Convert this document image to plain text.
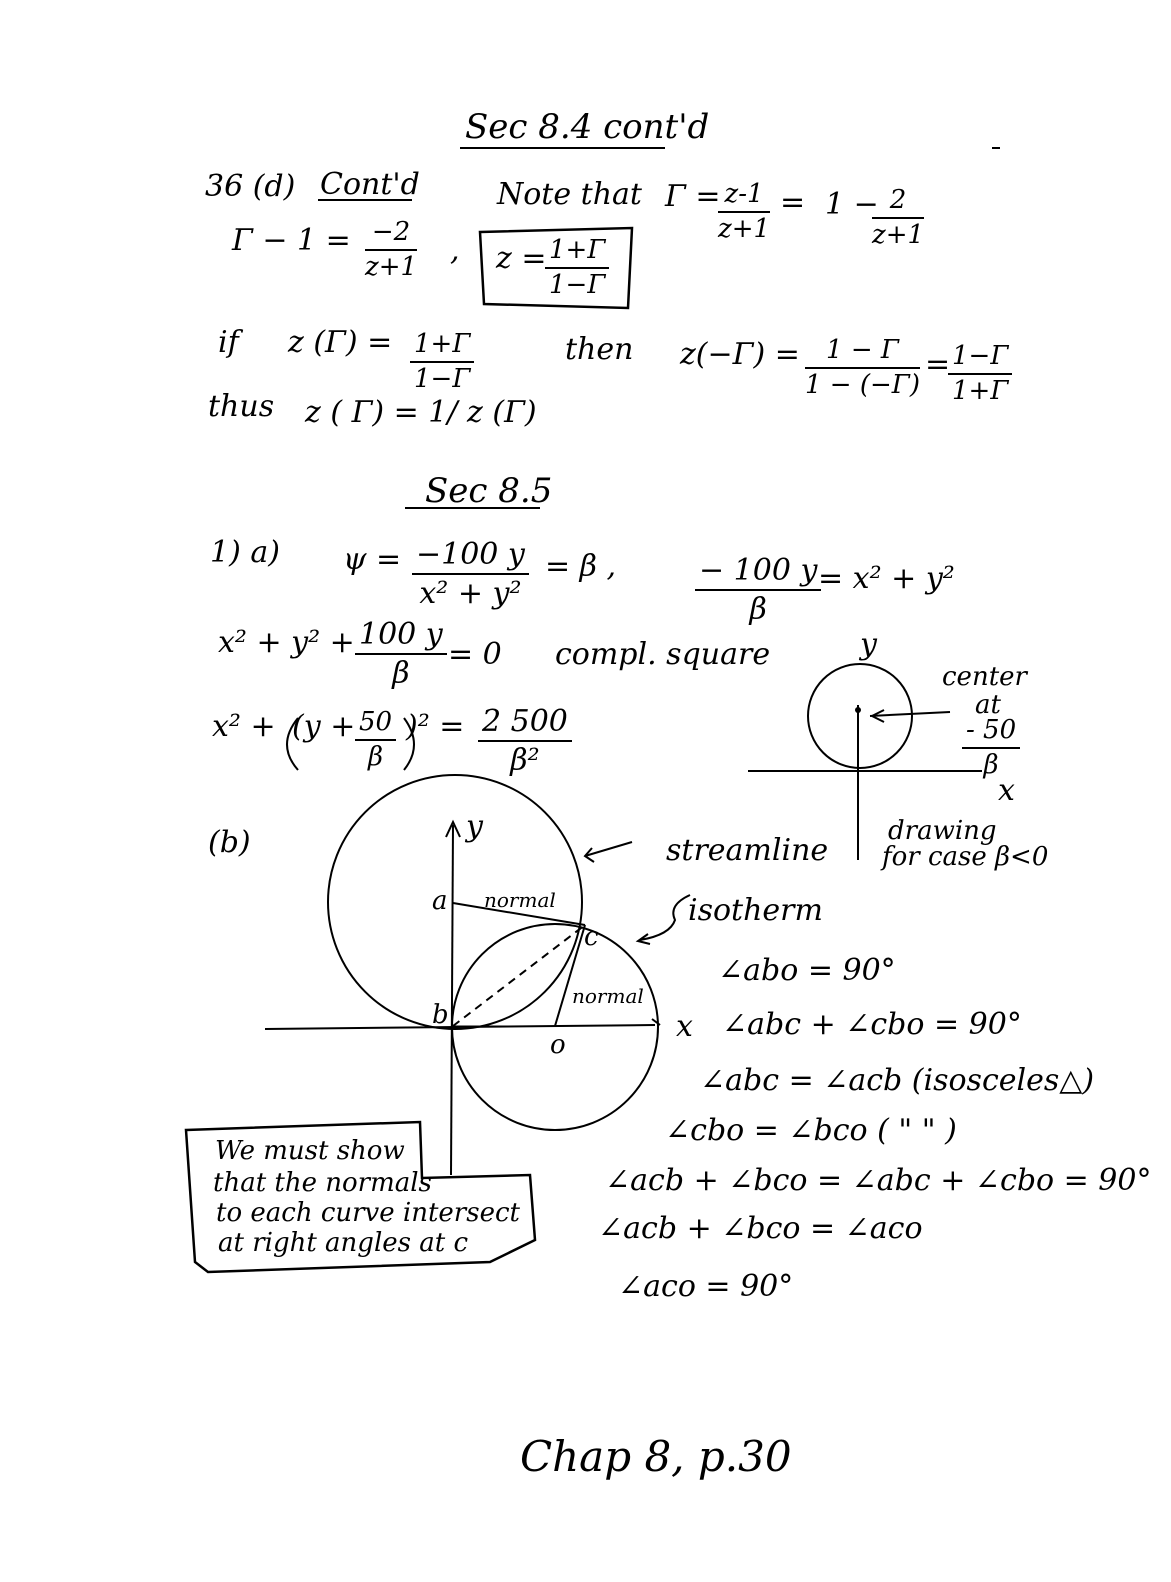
Sec 8.4 cont'd
36 (d) Cont'd	Note that Γ =
$\frac{z-1}{z+1} = 1$ −
$\frac{2}{z+1}$
$\Gamma - 1 = \frac{-2}{z+1}$ , z =
$\frac{1+\Gamma}{1-\Gamma}$
if z $(\Gamma) = \frac{1+\Gamma}{1-\Gamma}$	then $z(-\Gamma) = \frac{1 - \Gamma}{1 - (-\Gamma)}$ =
$\frac{1-\Gamma}{1+\Gamma}$
thus z ( Γ) = 1/ z (Γ)
Sec 8.5
1) a) $\psi = \frac{-100 y}{\text{x² + y²}} = \beta$ ,	$\frac{- 100 y}{\beta}$
= x² + y²
$x^2 + y^2 + \frac{100 y}{\beta} = 0$ compl. square
$x^2 + (y + \frac{50}{\beta} )^2 = \frac{2 500}{\text{β²}}$
y
x
center
at
$\frac{- 50}{\beta}$
drawing
for case β<0
(b)	y
x
a
b
c
o
normal
normal
streamline
isotherm
We must show
that the normals
to each curve intersect
at right angles at c
∠abo = 90°
∠abc + ∠cbo = 90°
∠abc = ∠acb (isosceles△)
∠cbo = ∠bco ( " " )
∠acb + ∠bco = ∠abc + ∠cbo = 90°
∠acb + ∠bco = ∠aco
∠aco = 90°
Chap 8, p.30
